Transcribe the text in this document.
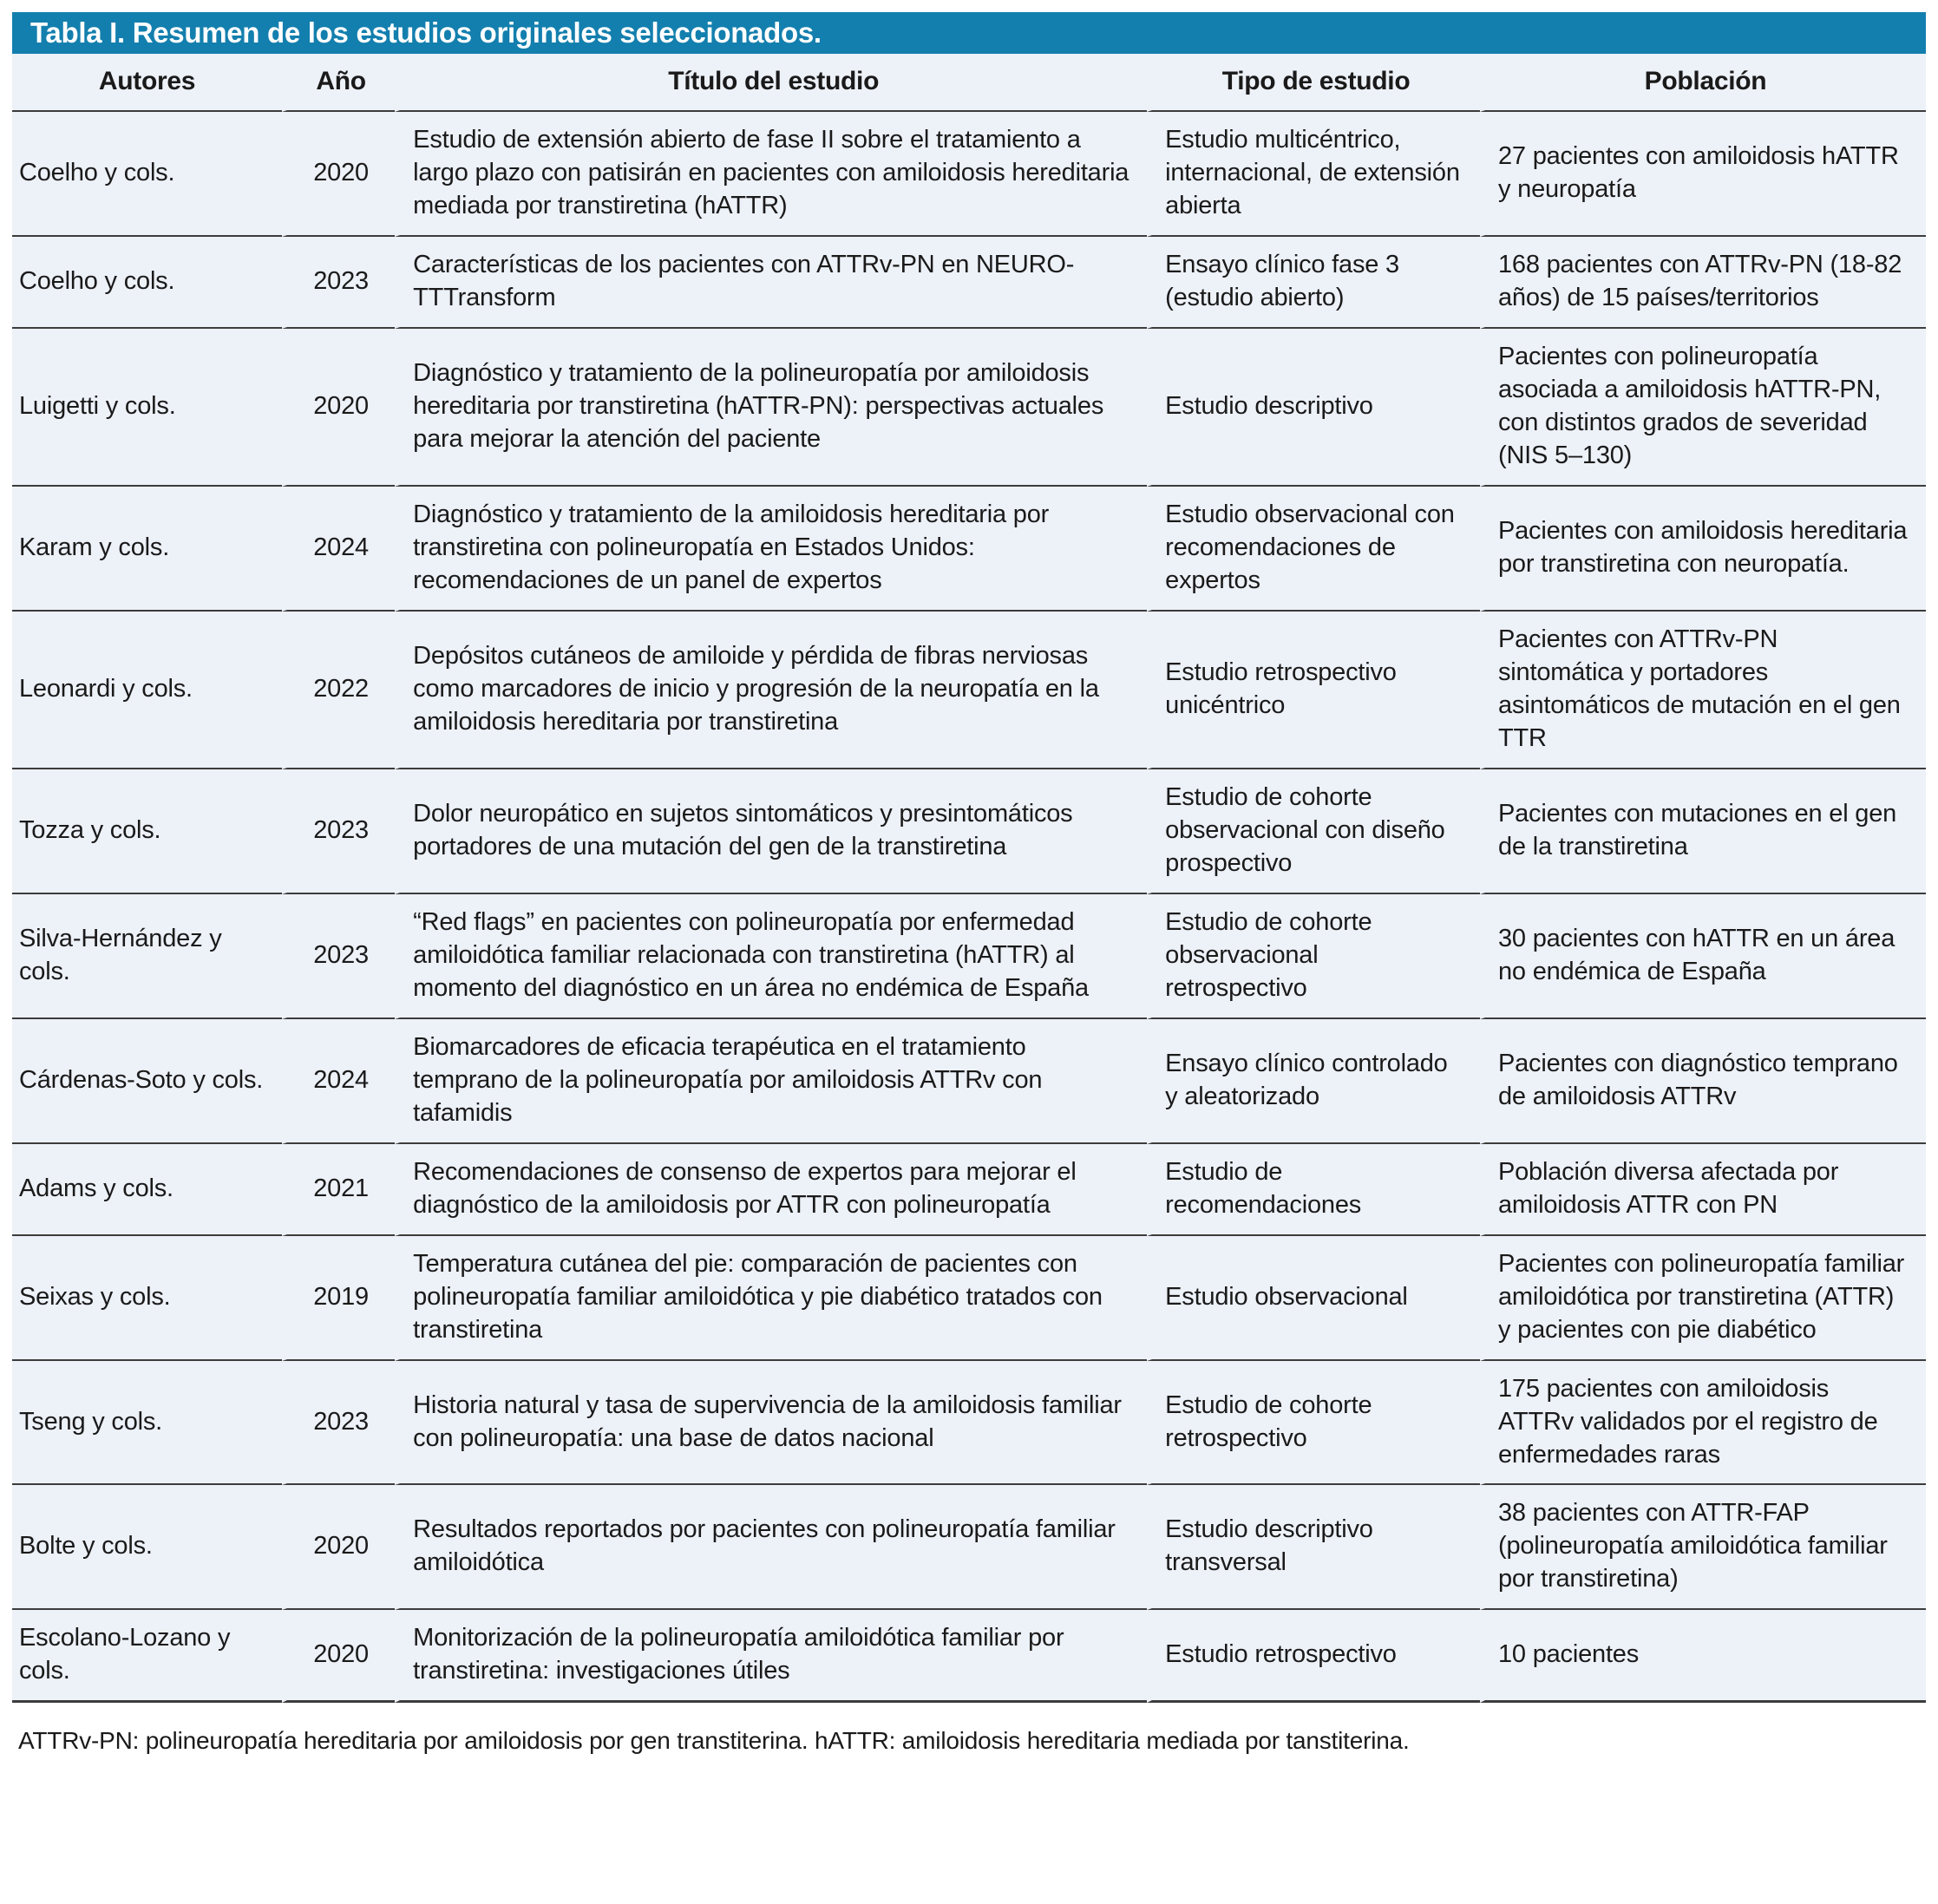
Tabla I. Resumen de los estudios originales seleccionados.
Autores	Año	Título del estudio	Tipo de estudio	Población
Coelho y cols.	2020	Estudio de extensión abierto de fase II sobre el tratamiento a largo plazo con patisirán en pacientes con amiloidosis hereditaria mediada por transtiretina (hATTR)	Estudio multicéntrico, internacional, de extensión abierta	27 pacientes con amiloidosis hATTR y neuropatía
Coelho y cols.	2023	Características de los pacientes con ATTRv-PN en NEURO-TTTransform	Ensayo clínico fase 3 (estudio abierto)	168 pacientes con ATTRv-PN (18-82 años) de 15 países/territorios
Luigetti y cols.	2020	Diagnóstico y tratamiento de la polineuropatía por amiloidosis hereditaria por transtiretina (hATTR-PN): perspectivas actuales para mejorar la atención del paciente	Estudio descriptivo	Pacientes con polineuropatía asociada a amiloidosis hATTR-PN, con distintos grados de severidad (NIS 5–130)
Karam y cols.	2024	Diagnóstico y tratamiento de la amiloidosis hereditaria por transtiretina con polineuropatía en Estados Unidos: recomendaciones de un panel de expertos	Estudio observacional con recomendaciones de expertos	Pacientes con amiloidosis hereditaria por transtiretina con neuropatía.
Leonardi y cols.	2022	Depósitos cutáneos de amiloide y pérdida de fibras nerviosas como marcadores de inicio y progresión de la neuropatía en la amiloidosis hereditaria por transtiretina	Estudio retrospectivo unicéntrico	Pacientes con ATTRv-PN sintomática y portadores asintomáticos de mutación en el gen TTR
Tozza y cols.	2023	Dolor neuropático en sujetos sintomáticos y presintomáticos portadores de una mutación del gen de la transtiretina	Estudio de cohorte observacional con diseño prospectivo	Pacientes con mutaciones en el gen de la transtiretina
Silva-Hernández y cols.	2023	“Red flags” en pacientes con polineuropatía por enfermedad amiloidótica familiar relacionada con transtiretina (hATTR) al momento del diagnóstico en un área no endémica de España	Estudio de cohorte observacional retrospectivo	30 pacientes con hATTR en un área no endémica de España
Cárdenas-Soto y cols.	2024	Biomarcadores de eficacia terapéutica en el tratamiento temprano de la polineuropatía por amiloidosis ATTRv con tafamidis	Ensayo clínico controlado y aleatorizado	Pacientes con diagnóstico temprano de amiloidosis ATTRv
Adams y cols.	2021	Recomendaciones de consenso de expertos para mejorar el diagnóstico de la amiloidosis por ATTR con polineuropatía	Estudio de recomendaciones	Población diversa afectada por amiloidosis ATTR con PN
Seixas y cols.	2019	Temperatura cutánea del pie: comparación de pacientes con polineuropatía familiar amiloidótica y pie diabético tratados con transtiretina	Estudio observacional	Pacientes con polineuropatía familiar amiloidótica por transtiretina (ATTR) y pacientes con pie diabético
Tseng y cols.	2023	Historia natural y tasa de supervivencia de la amiloidosis familiar con polineuropatía: una base de datos nacional	Estudio de cohorte retrospectivo	175 pacientes con amiloidosis ATTRv validados por el registro de enfermedades raras
Bolte y cols.	2020	Resultados reportados por pacientes con polineuropatía familiar amiloidótica	Estudio descriptivo transversal	38 pacientes con ATTR-FAP (polineuropatía amiloidótica familiar por transtiretina)
Escolano-Lozano y cols.	2020	Monitorización de la polineuropatía amiloidótica familiar por transtiretina: investigaciones útiles	Estudio retrospectivo	10 pacientes
ATTRv-PN: polineuropatía hereditaria por amiloidosis por gen transtiterina. hATTR: amiloidosis hereditaria mediada por tanstiterina.
